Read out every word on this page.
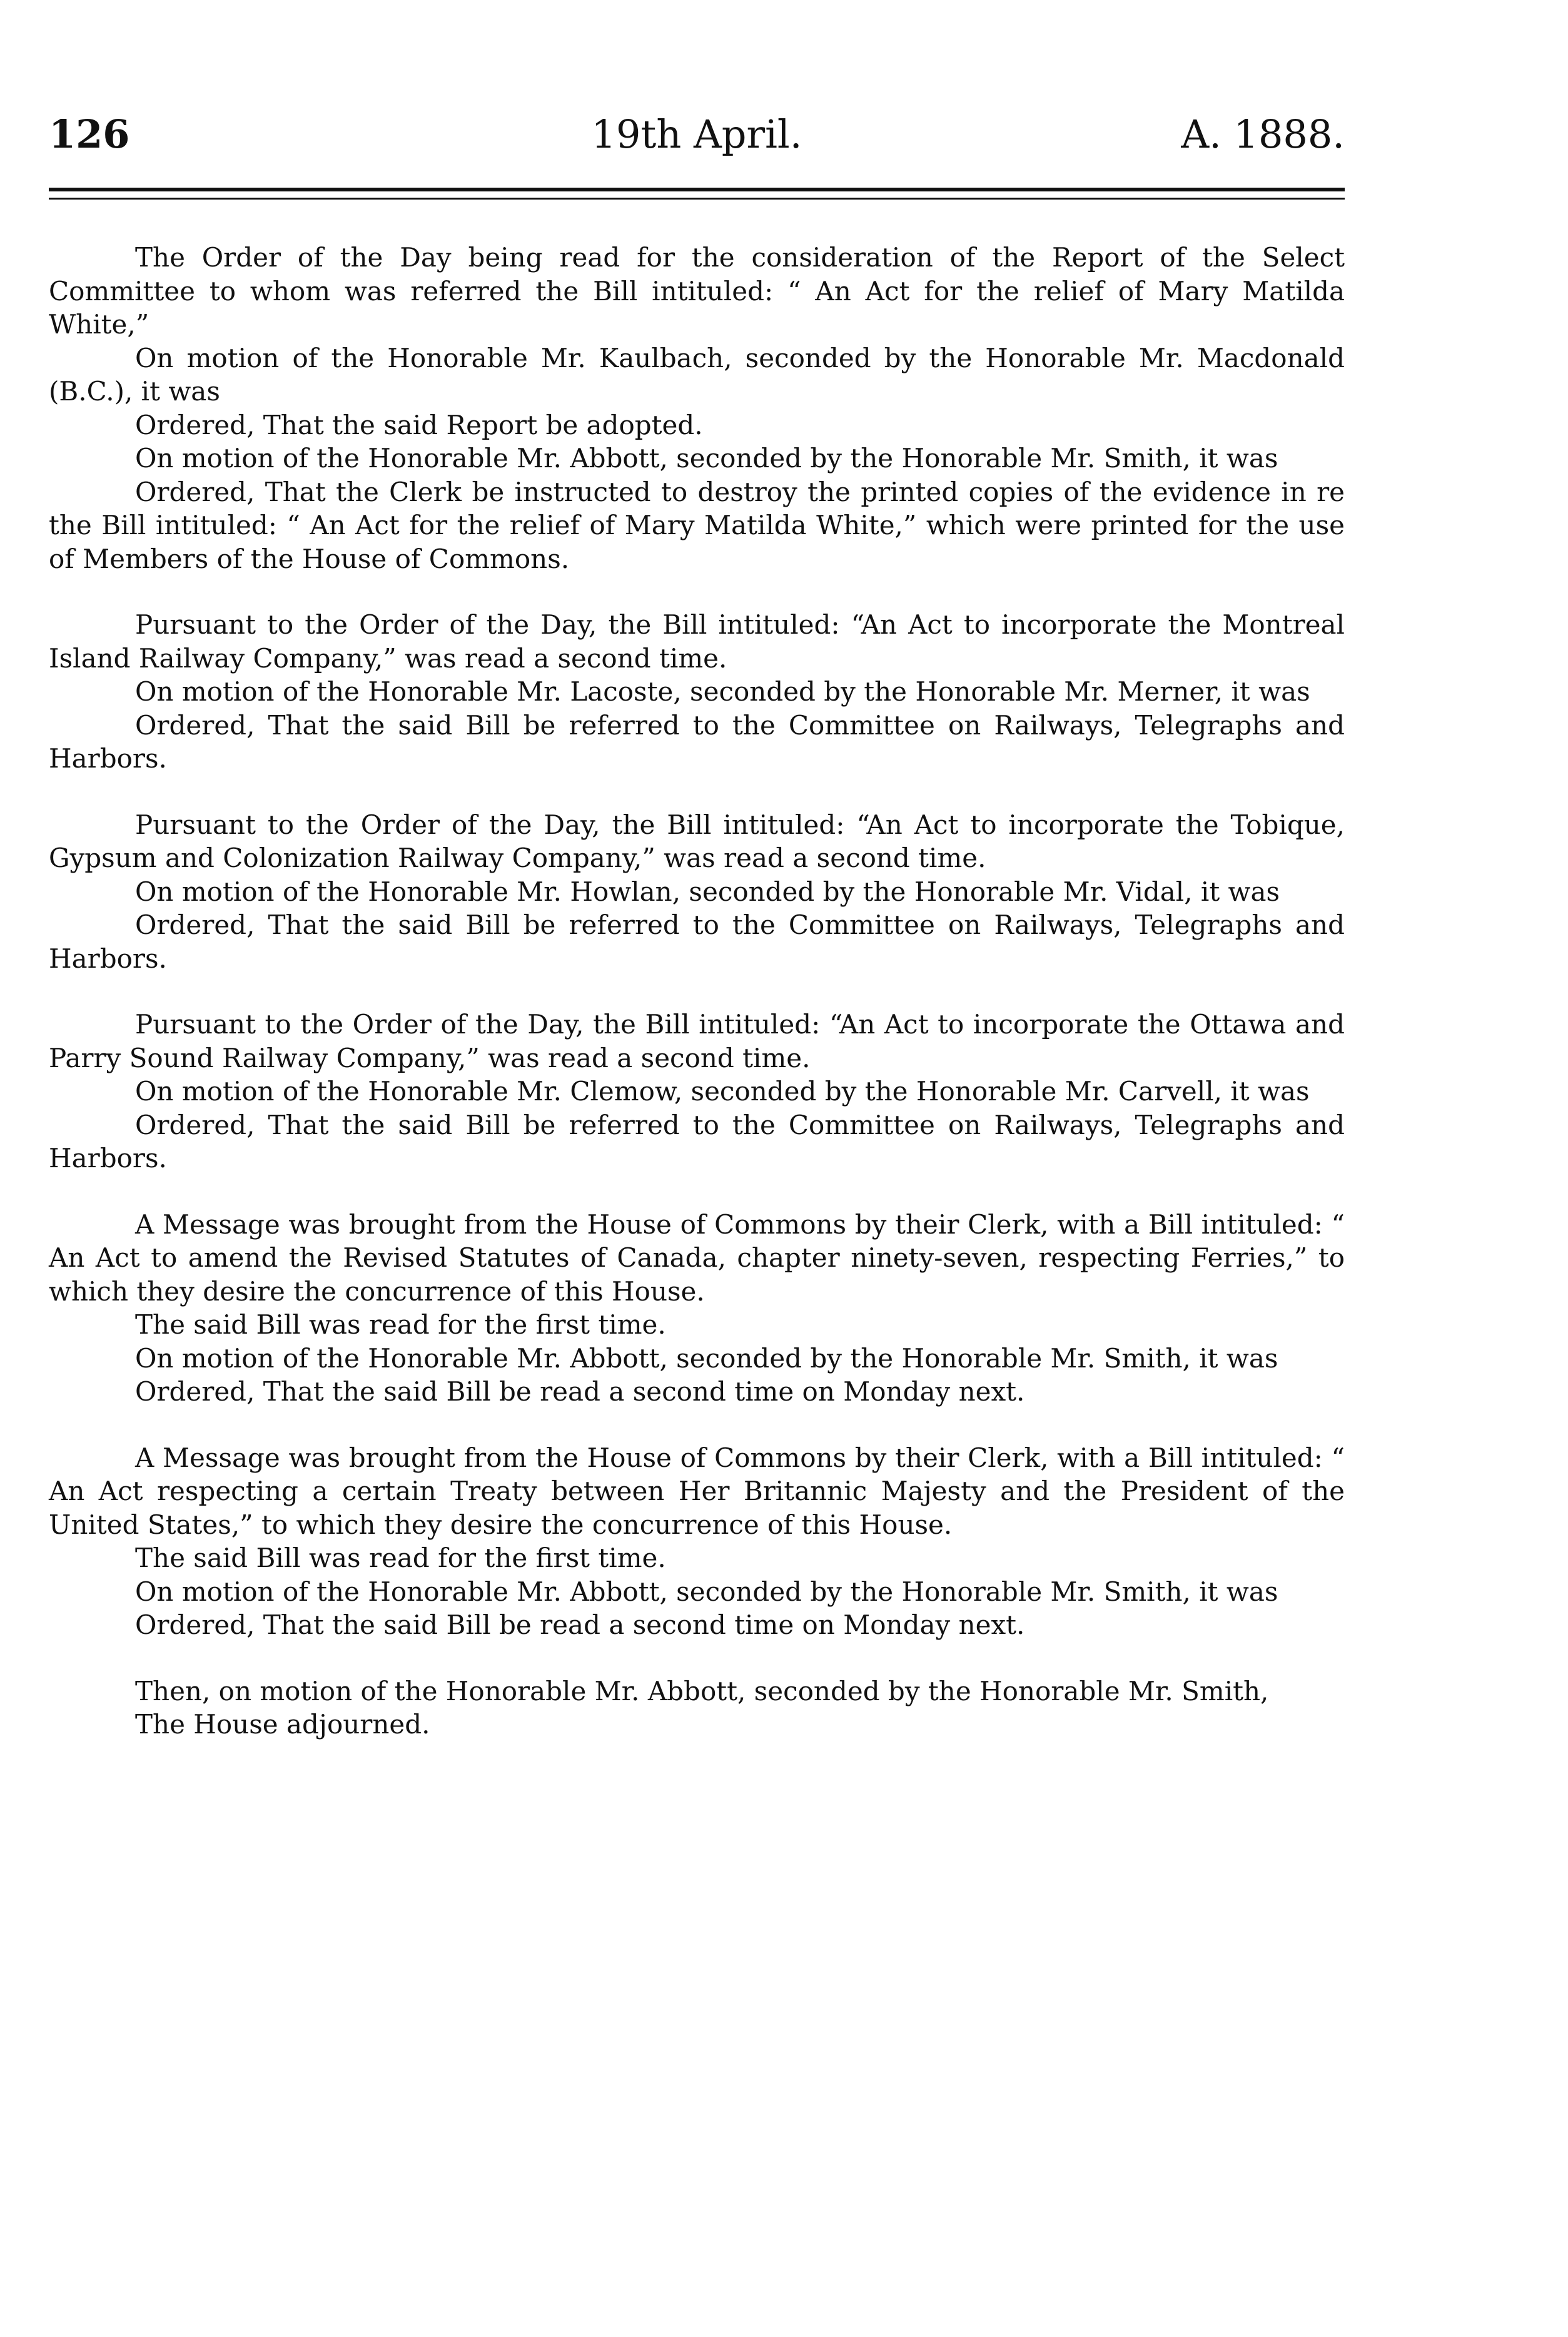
126	19th April.	A. 1888.

The Order of the Day being read for the consideration of the Report of the Select Committee to whom was referred the Bill intituled: “ An Act for the relief of Mary Matilda White,”

On motion of the Honorable Mr. Kaulbach, seconded by the Honorable Mr. Macdonald (B.C.), it was

Ordered, That the said Report be adopted.

On motion of the Honorable Mr. Abbott, seconded by the Honorable Mr. Smith, it was

Ordered, That the Clerk be instructed to destroy the printed copies of the evidence in re the Bill intituled: “ An Act for the relief of Mary Matilda White,” which were printed for the use of Members of the House of Commons.

Pursuant to the Order of the Day, the Bill intituled: “An Act to incorporate the Montreal Island Railway Company,” was read a second time.

On motion of the Honorable Mr. Lacoste, seconded by the Honorable Mr. Merner, it was

Ordered, That the said Bill be referred to the Committee on Railways, Telegraphs and Harbors.

Pursuant to the Order of the Day, the Bill intituled: “An Act to incorporate the Tobique, Gypsum and Colonization Railway Company,” was read a second time.

On motion of the Honorable Mr. Howlan, seconded by the Honorable Mr. Vidal, it was

Ordered, That the said Bill be referred to the Committee on Railways, Telegraphs and Harbors.

Pursuant to the Order of the Day, the Bill intituled: “An Act to incorporate the Ottawa and Parry Sound Railway Company,” was read a second time.

On motion of the Honorable Mr. Clemow, seconded by the Honorable Mr. Carvell, it was

Ordered, That the said Bill be referred to the Committee on Railways, Telegraphs and Harbors.

A Message was brought from the House of Commons by their Clerk, with a Bill intituled: “ An Act to amend the Revised Statutes of Canada, chapter ninety-seven, respecting Ferries,” to which they desire the concurrence of this House.

The said Bill was read for the first time.

On motion of the Honorable Mr. Abbott, seconded by the Honorable Mr. Smith, it was

Ordered, That the said Bill be read a second time on Monday next.

A Message was brought from the House of Commons by their Clerk, with a Bill intituled: “ An Act respecting a certain Treaty between Her Britannic Majesty and the President of the United States,” to which they desire the concurrence of this House.

The said Bill was read for the first time.

On motion of the Honorable Mr. Abbott, seconded by the Honorable Mr. Smith, it was

Ordered, That the said Bill be read a second time on Monday next.

Then, on motion of the Honorable Mr. Abbott, seconded by the Honorable Mr. Smith,

The House adjourned.
